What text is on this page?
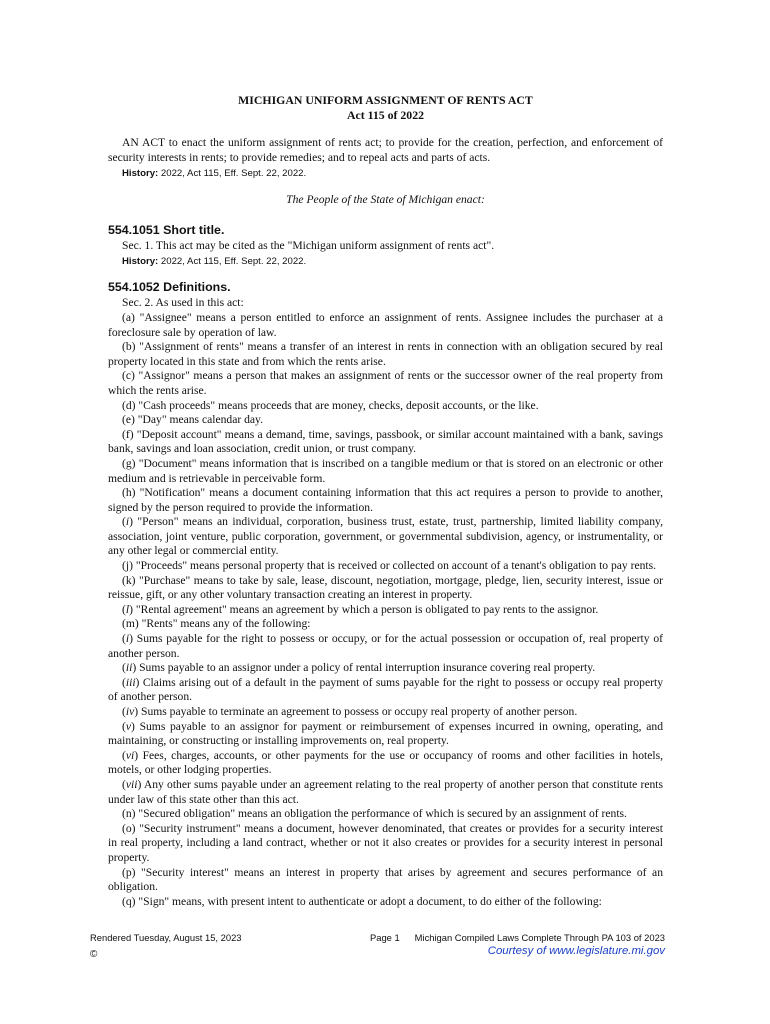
MICHIGAN UNIFORM ASSIGNMENT OF RENTS ACT
Act 115 of 2022

AN ACT to enact the uniform assignment of rents act; to provide for the creation, perfection, and enforcement of security interests in rents; to provide remedies; and to repeal acts and parts of acts.

History: 2022, Act 115, Eff. Sept. 22, 2022.
The People of the State of Michigan enact:
554.1051 Short title.

Sec. 1. This act may be cited as the "Michigan uniform assignment of rents act".

History: 2022, Act 115, Eff. Sept. 22, 2022.
554.1052 Definitions.

Sec. 2. As used in this act:

(a) "Assignee" means a person entitled to enforce an assignment of rents. Assignee includes the purchaser at a foreclosure sale by operation of law.

(b) "Assignment of rents" means a transfer of an interest in rents in connection with an obligation secured by real property located in this state and from which the rents arise.

(c) "Assignor" means a person that makes an assignment of rents or the successor owner of the real property from which the rents arise.

(d) "Cash proceeds" means proceeds that are money, checks, deposit accounts, or the like.

(e) "Day" means calendar day.

(f) "Deposit account" means a demand, time, savings, passbook, or similar account maintained with a bank, savings bank, savings and loan association, credit union, or trust company.

(g) "Document" means information that is inscribed on a tangible medium or that is stored on an electronic or other medium and is retrievable in perceivable form.

(h) "Notification" means a document containing information that this act requires a person to provide to another, signed by the person required to provide the information.

(i) "Person" means an individual, corporation, business trust, estate, trust, partnership, limited liability company, association, joint venture, public corporation, government, or governmental subdivision, agency, or instrumentality, or any other legal or commercial entity.

(j) "Proceeds" means personal property that is received or collected on account of a tenant's obligation to pay rents.

(k) "Purchase" means to take by sale, lease, discount, negotiation, mortgage, pledge, lien, security interest, issue or reissue, gift, or any other voluntary transaction creating an interest in property.

(l) "Rental agreement" means an agreement by which a person is obligated to pay rents to the assignor.

(m) "Rents" means any of the following:

(i) Sums payable for the right to possess or occupy, or for the actual possession or occupation of, real property of another person.

(ii) Sums payable to an assignor under a policy of rental interruption insurance covering real property.

(iii) Claims arising out of a default in the payment of sums payable for the right to possess or occupy real property of another person.

(iv) Sums payable to terminate an agreement to possess or occupy real property of another person.

(v) Sums payable to an assignor for payment or reimbursement of expenses incurred in owning, operating, and maintaining, or constructing or installing improvements on, real property.

(vi) Fees, charges, accounts, or other payments for the use or occupancy of rooms and other facilities in hotels, motels, or other lodging properties.

(vii) Any other sums payable under an agreement relating to the real property of another person that constitute rents under law of this state other than this act.

(n) "Secured obligation" means an obligation the performance of which is secured by an assignment of rents.

(o) "Security instrument" means a document, however denominated, that creates or provides for a security interest in real property, including a land contract, whether or not it also creates or provides for a security interest in personal property.

(p) "Security interest" means an interest in property that arises by agreement and secures performance of an obligation.

(q) "Sign" means, with present intent to authenticate or adopt a document, to do either of the following:

Rendered Tuesday, August 15, 2023	Page 1 Michigan Compiled Laws Complete Through PA 103 of 2023
©	Courtesy of www.legislature.mi.gov
